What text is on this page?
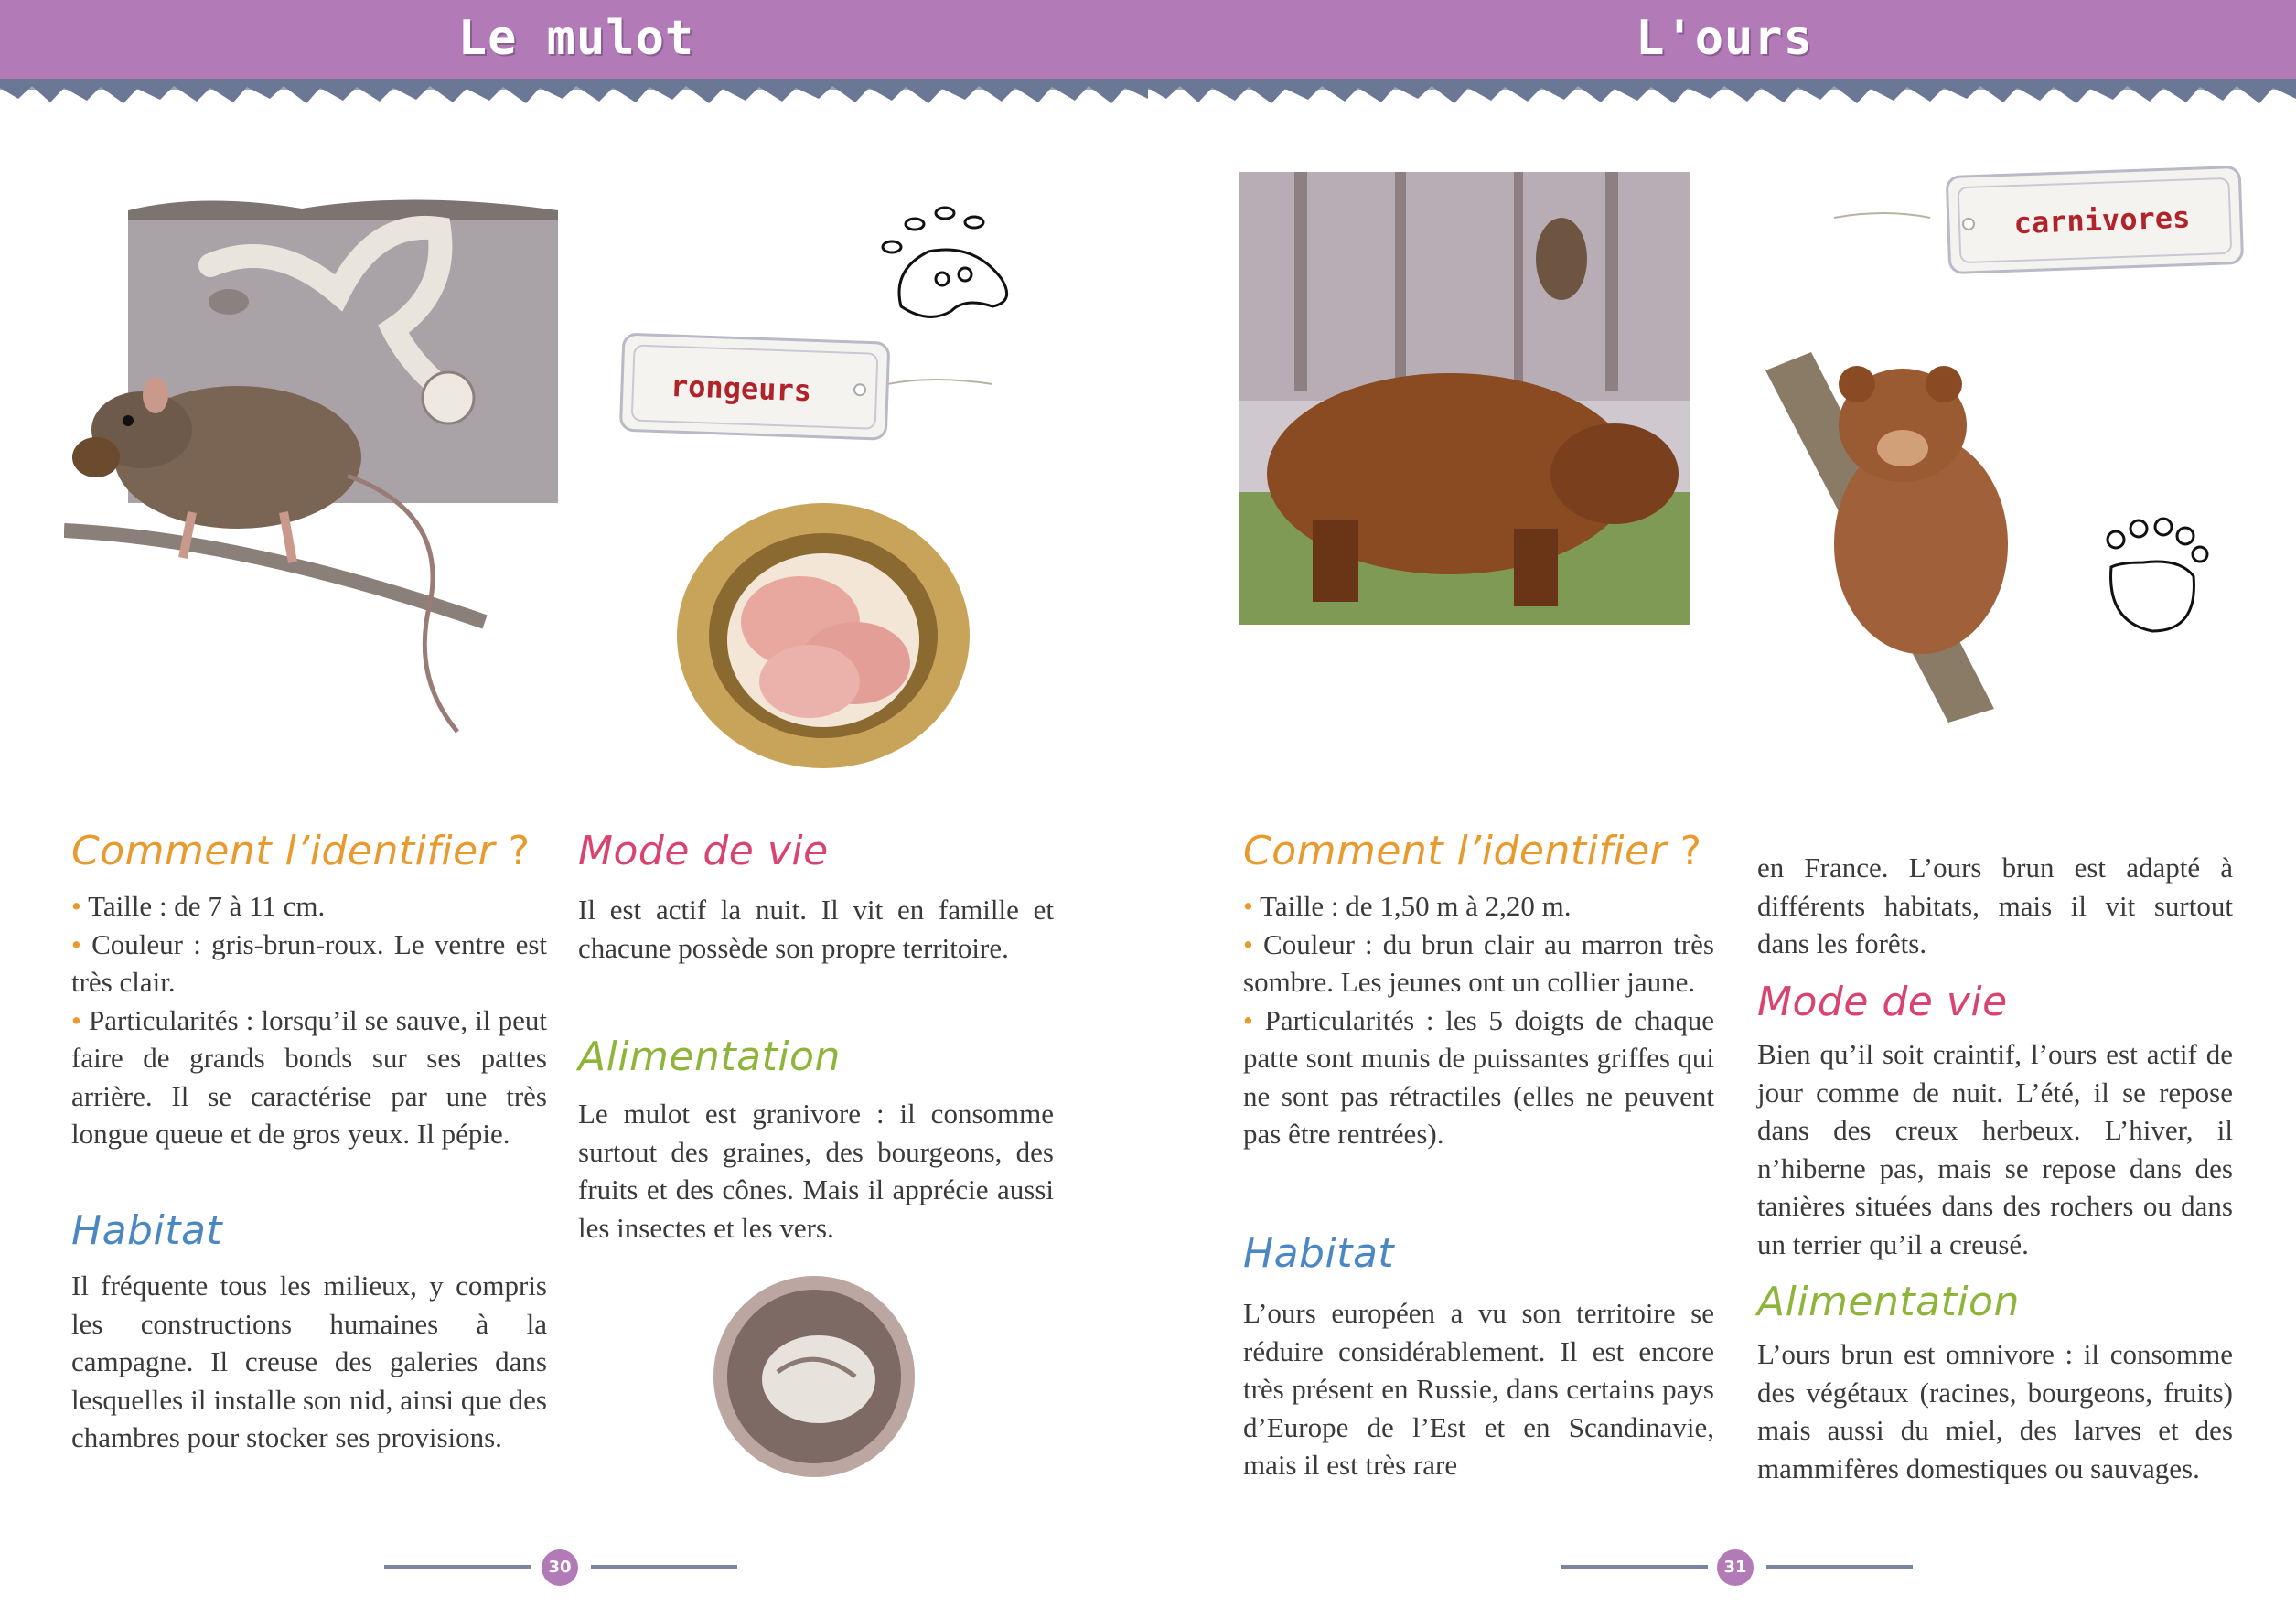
Le mulot
rongeurs
Comment l’identifier ?

• Taille : de 7 à 11 cm.

• Couleur : gris-brun-roux. Le ventre est très clair.

• Particularités : lorsqu’il se sauve, il peut faire de grands bonds sur ses pattes arrière. Il se caractérise par une très longue queue et de gros yeux. Il pépie.

Habitat
Il fréquente tous les milieux, y compris les constructions humaines à la campagne. Il creuse des galeries dans lesquelles il installe son nid, ainsi que des chambres pour stocker ses provisions.
Mode de vie
Il est actif la nuit. Il vit en famille et chacune possède son propre territoire.
Alimentation
Le mulot est granivore : il consomme surtout des graines, des bourgeons, des fruits et des cônes. Mais il apprécie aussi les insectes et les vers.
30
L'ours
carnivores
Comment l’identifier ?

• Taille : de 1,50 m à 2,20 m.

• Couleur : du brun clair au marron très sombre. Les jeunes ont un collier jaune.

• Particularités : les 5 doigts de chaque patte sont munis de puissantes griffes qui ne sont pas rétractiles (elles ne peuvent pas être rentrées).

Habitat
L’ours européen a vu son territoire se réduire considérablement. Il est encore très présent en Russie, dans certains pays d’Europe de l’Est et en Scandinavie, mais il est très rare
en France. L’ours brun est adapté à différents habitats, mais il vit surtout dans les forêts.
Mode de vie
Bien qu’il soit craintif, l’ours est actif de jour comme de nuit. L’été, il se repose dans des creux herbeux. L’hiver, il n’hiberne pas, mais se repose dans des tanières situées dans des rochers ou dans un terrier qu’il a creusé.
Alimentation
L’ours brun est omnivore : il consomme des végétaux (racines, bourgeons, fruits) mais aussi du miel, des larves et des mammifères domestiques ou sauvages.
31
